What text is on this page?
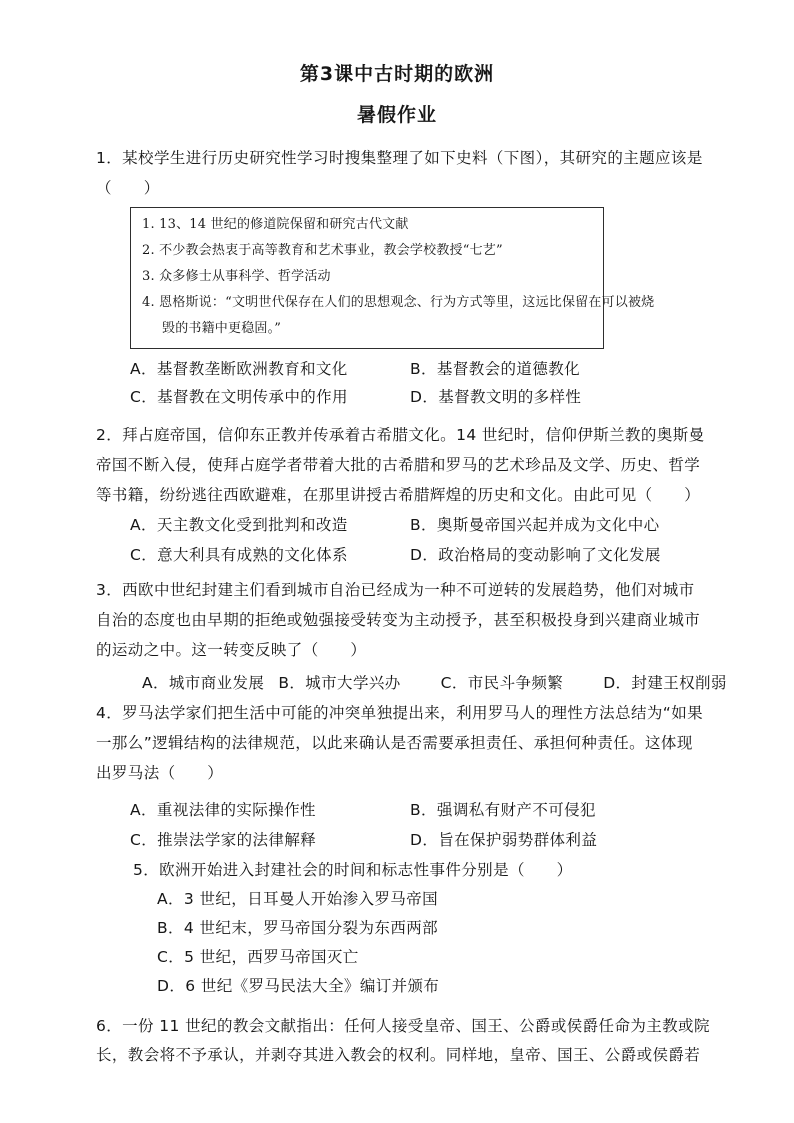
第3课中古时期的欧洲
暑假作业
1．某校学生进行历史研究性学习时搜集整理了如下史料（下图），其研究的主题应该是
（　　）
1. 13、14 世纪的修道院保留和研究古代文献
2. 不少教会热衷于高等教育和艺术事业，教会学校教授“七艺”
3. 众多修士从事科学、哲学活动
4. 恩格斯说：“文明世代保存在人们的思想观念、行为方式等里，这远比保留在可以被烧
毁的书籍中更稳固。”
A．基督教垄断欧洲教育和文化	B．基督教会的道德教化
C．基督教在文明传承中的作用	D．基督教文明的多样性
2．拜占庭帝国，信仰东正教并传承着古希腊文化。14 世纪时，信仰伊斯兰教的奥斯曼
帝国不断入侵，使拜占庭学者带着大批的古希腊和罗马的艺术珍品及文学、历史、哲学
等书籍，纷纷逃往西欧避难，在那里讲授古希腊辉煌的历史和文化。由此可见（　　）
A．天主教文化受到批判和改造	B．奥斯曼帝国兴起并成为文化中心
C．意大利具有成熟的文化体系	D．政治格局的变动影响了文化发展
3．西欧中世纪封建主们看到城市自治已经成为一种不可逆转的发展趋势，他们对城市
自治的态度也由早期的拒绝或勉强接受转变为主动授予，甚至积极投身到兴建商业城市
的运动之中。这一转变反映了（　　）
A．城市商业发展 B．城市大学兴办	C．市民斗争频繁	D．封建王权削弱
4．罗马法学家们把生活中可能的冲突单独提出来，利用罗马人的理性方法总结为“如果
一那么”逻辑结构的法律规范，以此来确认是否需要承担责任、承担何种责任。这体现
出罗马法（　　）
A．重视法律的实际操作性	B．强调私有财产不可侵犯
C．推崇法学家的法律解释	D．旨在保护弱势群体利益
5．欧洲开始进入封建社会的时间和标志性事件分别是（　　）
A．3 世纪，日耳曼人开始渗入罗马帝国
B．4 世纪末，罗马帝国分裂为东西两部
C．5 世纪，西罗马帝国灭亡
D．6 世纪《罗马民法大全》编订并颁布
6．一份 11 世纪的教会文献指出：任何人接受皇帝、国王、公爵或侯爵任命为主教或院
长，教会将不予承认，并剥夺其进入教会的权利。同样地，皇帝、国王、公爵或侯爵若
